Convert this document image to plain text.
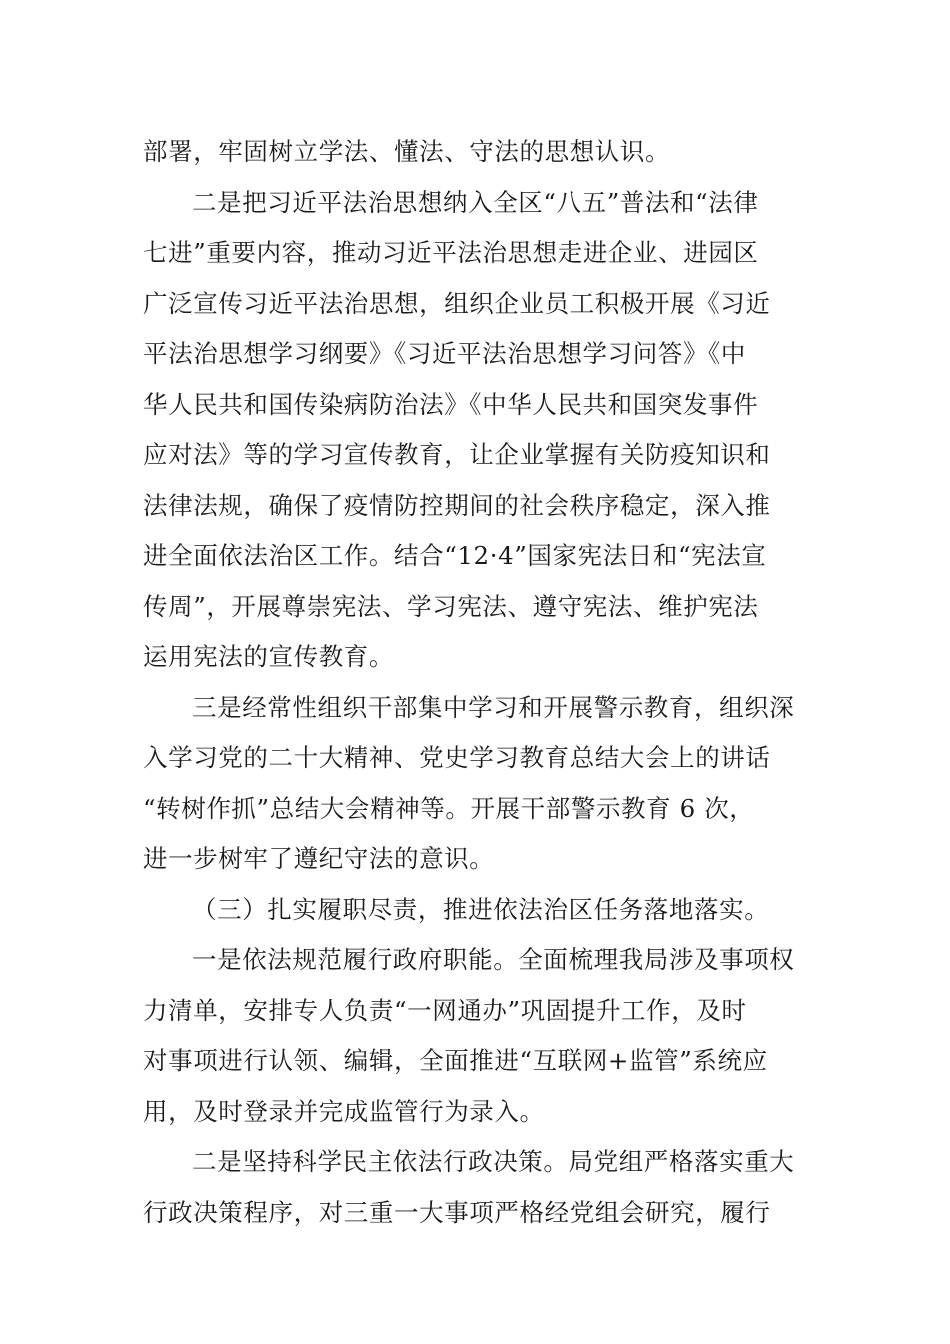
部署，牢固树立学法、懂法、守法的思想认识。
二是把习近平法治思想纳入全区“八五”普法和“法律
七进”重要内容，推动习近平法治思想走进企业、进园区
广泛宣传习近平法治思想，组织企业员工积极开展《习近
平法治思想学习纲要》《习近平法治思想学习问答》《中
华人民共和国传染病防治法》《中华人民共和国突发事件
应对法》等的学习宣传教育，让企业掌握有关防疫知识和
法律法规，确保了疫情防控期间的社会秩序稳定，深入推
进全面依法治区工作。结合“12·4”国家宪法日和“宪法宣
传周”，开展尊崇宪法、学习宪法、遵守宪法、维护宪法
运用宪法的宣传教育。
三是经常性组织干部集中学习和开展警示教育，组织深
入学习党的二十大精神、党史学习教育总结大会上的讲话
“转树作抓”总结大会精神等。开展干部警示教育 6 次，
进一步树牢了遵纪守法的意识。
（三）扎实履职尽责，推进依法治区任务落地落实。
一是依法规范履行政府职能。全面梳理我局涉及事项权
力清单，安排专人负责“一网通办”巩固提升工作，及时
对事项进行认领、编辑，全面推进“互联网+监管”系统应
用，及时登录并完成监管行为录入。
二是坚持科学民主依法行政决策。局党组严格落实重大
行政决策程序，对三重一大事项严格经党组会研究，履行
